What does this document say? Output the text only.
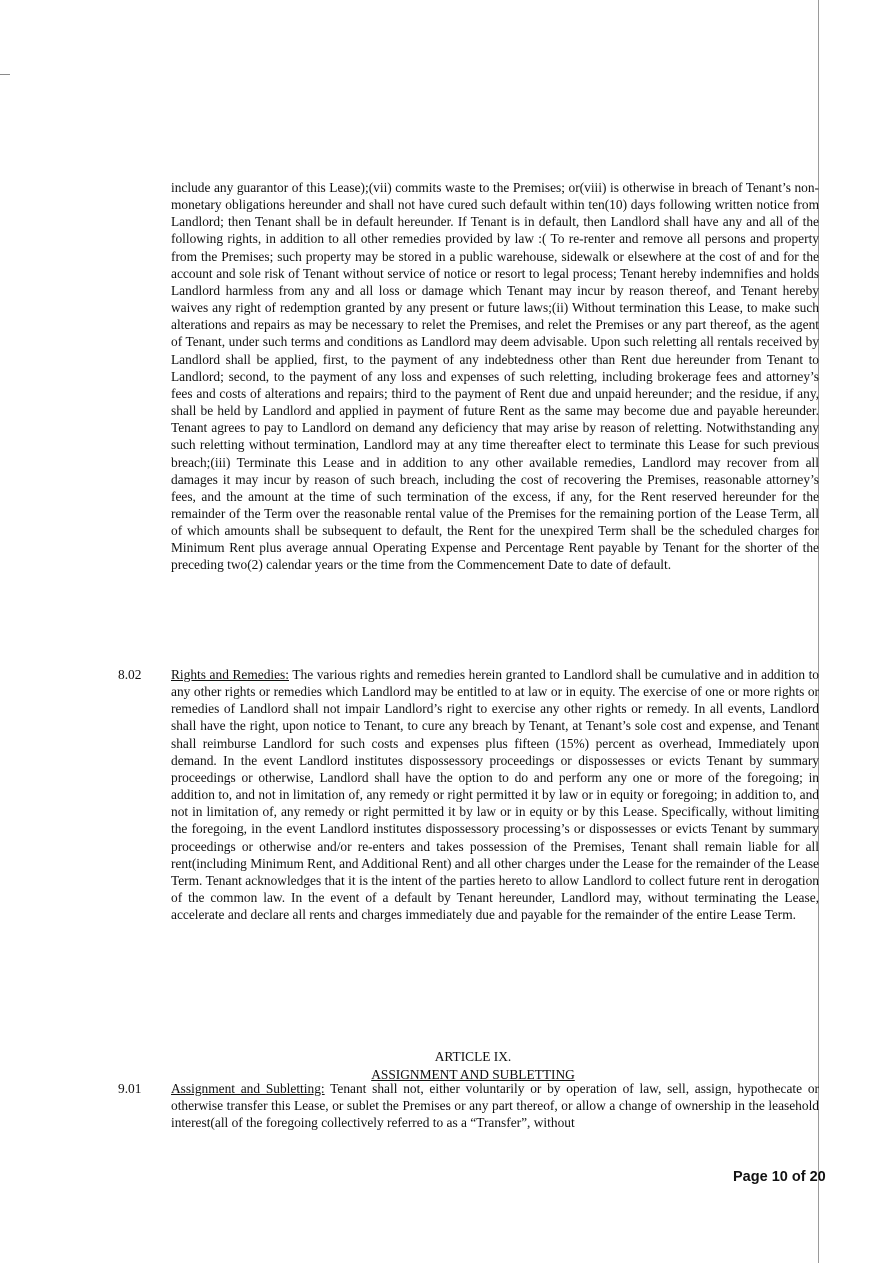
include any guarantor of this Lease);(vii) commits waste to the Premises; or(viii) is otherwise in breach of Tenant’s non-monetary obligations hereunder and shall not have cured such default within ten(10) days following written notice from Landlord; then Tenant shall be in default hereunder. If Tenant is in default, then Landlord shall have any and all of the following rights, in addition to all other remedies provided by law :( To re-renter and remove all persons and property from the Premises; such property may be stored in a public warehouse, sidewalk or elsewhere at the cost of and for the account and sole risk of Tenant without service of notice or resort to legal process; Tenant hereby indemnifies and holds Landlord harmless from any and all loss or damage which Tenant may incur by reason thereof, and Tenant hereby waives any right of redemption granted by any present or future laws;(ii) Without termination this Lease, to make such alterations and repairs as may be necessary to relet the Premises, and relet the Premises or any part thereof, as the agent of Tenant, under such terms and conditions as Landlord may deem advisable. Upon such reletting all rentals received by Landlord shall be applied, first, to the payment of any indebtedness other than Rent due hereunder from Tenant to Landlord; second, to the payment of any loss and expenses of such reletting, including brokerage fees and attorney’s fees and costs of alterations and repairs; third to the payment of Rent due and unpaid hereunder; and the residue, if any, shall be held by Landlord and applied in payment of future Rent as the same may become due and payable hereunder. Tenant agrees to pay to Landlord on demand any deficiency that may arise by reason of reletting. Notwithstanding any such reletting without termination, Landlord may at any time thereafter elect to terminate this Lease for such previous breach;(iii) Terminate this Lease and in addition to any other available remedies, Landlord may recover from all damages it may incur by reason of such breach, including the cost of recovering the Premises, reasonable attorney’s fees, and the amount at the time of such termination of the excess, if any, for the Rent reserved hereunder for the remainder of the Term over the reasonable rental value of the Premises for the remaining portion of the Lease Term, all of which amounts shall be subsequent to default, the Rent for the unexpired Term shall be the scheduled charges for Minimum Rent plus average annual Operating Expense and Percentage Rent payable by Tenant for the shorter of the preceding two(2) calendar years or the time from the Commencement Date to date of default.

8.02 Rights and Remedies: The various rights and remedies herein granted to Landlord shall be cumulative and in addition to any other rights or remedies which Landlord may be entitled to at law or in equity. The exercise of one or more rights or remedies of Landlord shall not impair Landlord’s right to exercise any other rights or remedy. In all events, Landlord shall have the right, upon notice to Tenant, to cure any breach by Tenant, at Tenant’s sole cost and expense, and Tenant shall reimburse Landlord for such costs and expenses plus fifteen (15%) percent as overhead, Immediately upon demand. In the event Landlord institutes dispossessory proceedings or dispossesses or evicts Tenant by summary proceedings or otherwise, Landlord shall have the option to do and perform any one or more of the foregoing; in addition to, and not in limitation of, any remedy or right permitted it by law or in equity or foregoing; in addition to, and not in limitation of, any remedy or right permitted it by law or in equity or by this Lease. Specifically, without limiting the foregoing, in the event Landlord institutes dispossessory processing’s or dispossesses or evicts Tenant by summary proceedings or otherwise and/or re-enters and takes possession of the Premises, Tenant shall remain liable for all rent(including Minimum Rent, and Additional Rent) and all other charges under the Lease for the remainder of the Lease Term. Tenant acknowledges that it is the intent of the parties hereto to allow Landlord to collect future rent in derogation of the common law. In the event of a default by Tenant hereunder, Landlord may, without terminating the Lease, accelerate and declare all rents and charges immediately due and payable for the remainder of the entire Lease Term.

ARTICLE IX.
ASSIGNMENT AND SUBLETTING
9.01 Assignment and Subletting: Tenant shall not, either voluntarily or by operation of law, sell, assign, hypothecate or otherwise transfer this Lease, or sublet the Premises or any part thereof, or allow a change of ownership in the leasehold interest(all of the foregoing collectively referred to as a “Transfer”, without

Page 10 of 20
